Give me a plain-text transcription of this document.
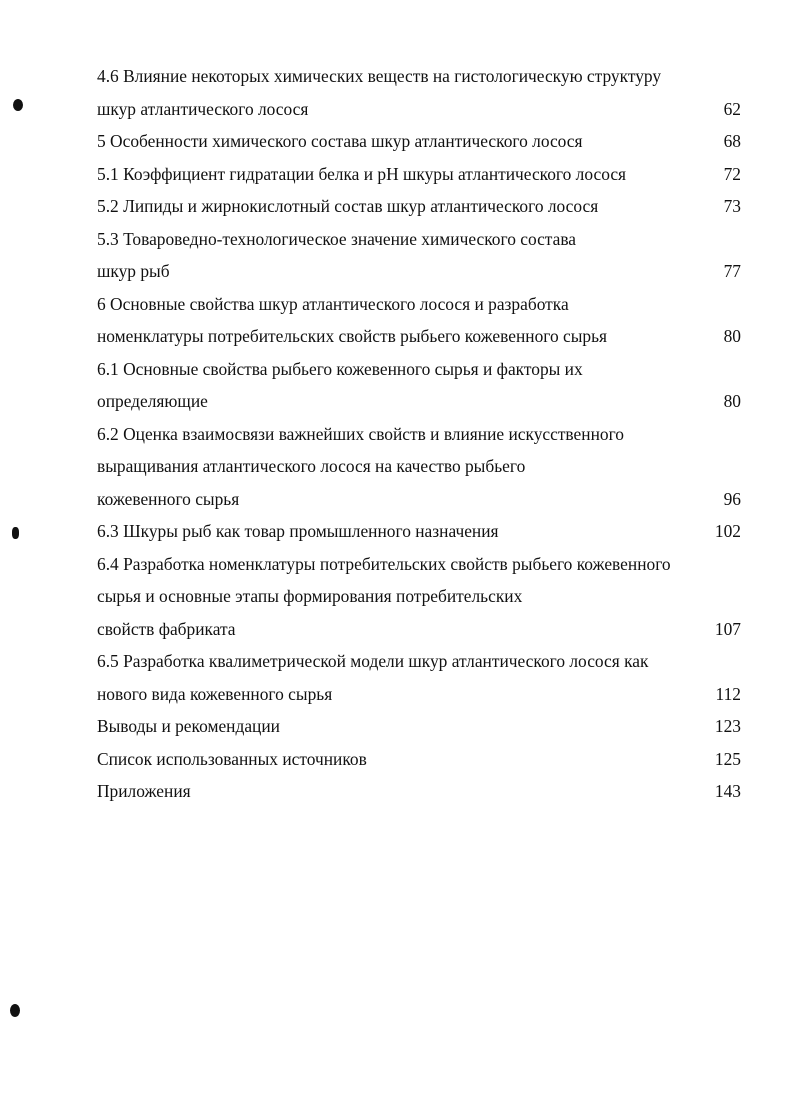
4.6 Влияние некоторых химических веществ на гистологическую структуру
шкур атлантического лосося	62
5 Особенности химического состава шкур атлантического лосося	68
5.1 Коэффициент гидратации белка и рН шкуры атлантического лосося	72
5.2 Липиды и жирнокислотный состав шкур атлантического лосося	73
5.3 Товароведно-технологическое значение химического состава
шкур рыб	77
6 Основные свойства шкур атлантического лосося и разработка
номенклатуры потребительских свойств рыбьего кожевенного сырья	80
6.1 Основные свойства рыбьего кожевенного сырья и факторы их
определяющие	80
6.2 Оценка взаимосвязи важнейших свойств и влияние искусственного
выращивания атлантического лосося на качество рыбьего
кожевенного сырья	96
6.3 Шкуры рыб как товар промышленного назначения	102
6.4 Разработка номенклатуры потребительских свойств рыбьего кожевенного
сырья и основные этапы формирования потребительских
свойств фабриката	107
6.5 Разработка квалиметрической модели шкур атлантического лосося как
нового вида кожевенного сырья	112
Выводы и рекомендации	123
Список использованных источников	125
Приложения	143
